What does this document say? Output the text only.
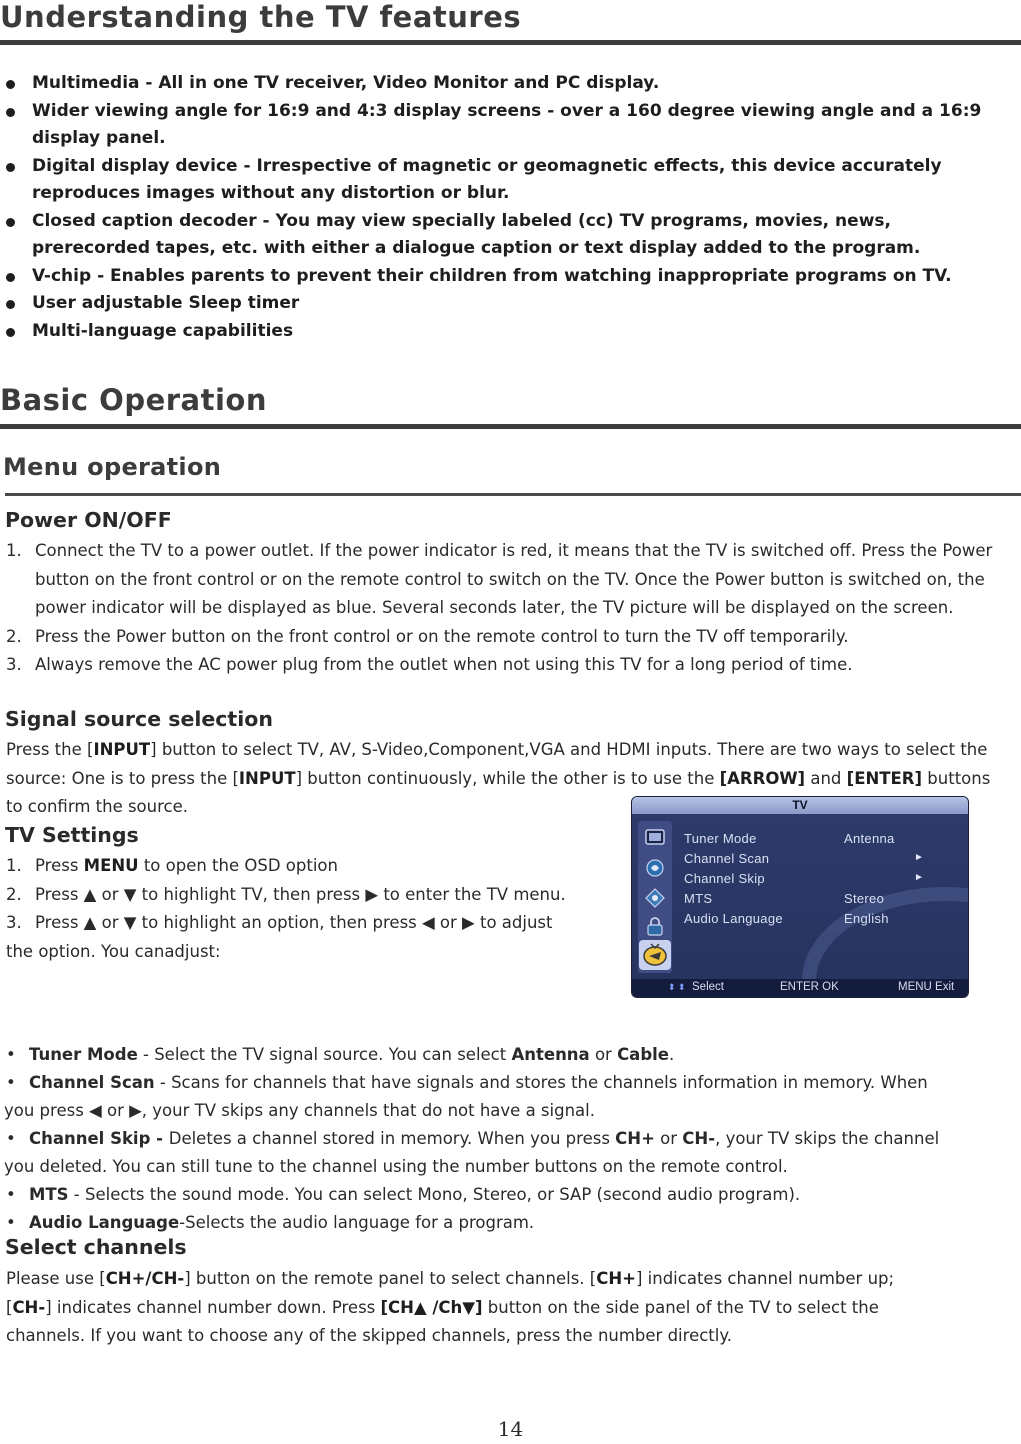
Understanding the TV features
Multimedia - All in one TV receiver, Video Monitor and PC display.
Wider viewing angle for 16:9 and 4:3 display screens - over a 160 degree viewing angle and a 16:9 display panel.
Digital display device - Irrespective of magnetic or geomagnetic effects, this device accurately reproduces images without any distortion or blur.
Closed caption decoder - You may view specially labeled (cc) TV programs, movies, news, prerecorded tapes, etc. with either a dialogue caption or text display added to the program.
V-chip - Enables parents to prevent their children from watching inappropriate programs on TV.
User adjustable Sleep timer
Multi-language capabilities
Basic Operation
Menu operation
Power ON/OFF
1. Connect the TV to a power outlet. If the power indicator is red, it means that the TV is switched off. Press the Power button on the front control or on the remote control to switch on the TV. Once the Power button is switched on, the power indicator will be displayed as blue. Several seconds later, the TV picture will be displayed on the screen.
2. Press the Power button on the front control or on the remote control to turn the TV off temporarily.
3. Always remove the AC power plug from the outlet when not using this TV for a long period of time.
Signal source selection
Press the [INPUT] button to select TV, AV, S-Video,Component,VGA and HDMI inputs. There are two ways to select the source: One is to press the [INPUT] button continuously, while the other is to use the [ARROW] and [ENTER] buttons to confirm the source.
TV Settings
1. Press MENU to open the OSD option
2. Press ▲ or ▼ to highlight TV, then press ▶ to enter the TV menu.
3. Press ▲ or ▼ to highlight an option, then press ◀ or ▶ to adjust
the option. You canadjust:
TV
Tuner Mode	Antenna
Channel Scan	►
Channel Skip	►
MTS	Stereo
Audio Language	English
⬍ ⬍ Select	ENTER OK	MENU Exit
• Tuner Mode - Select the TV signal source. You can select Antenna or Cable.
• Channel Scan - Scans for channels that have signals and stores the channels information in memory. When
you press ◀ or ▶, your TV skips any channels that do not have a signal.
• Channel Skip - Deletes a channel stored in memory. When you press CH+ or CH-, your TV skips the channel
you deleted. You can still tune to the channel using the number buttons on the remote control.
• MTS - Selects the sound mode. You can select Mono, Stereo, or SAP (second audio program).
• Audio Language-Selects the audio language for a program.
Select channels
Please use [CH+/CH-] button on the remote panel to select channels. [CH+] indicates channel number up;
[CH-] indicates channel number down. Press [CH▲ /Ch▼] button on the side panel of the TV to select the
channels. If you want to choose any of the skipped channels, press the number directly.
14
